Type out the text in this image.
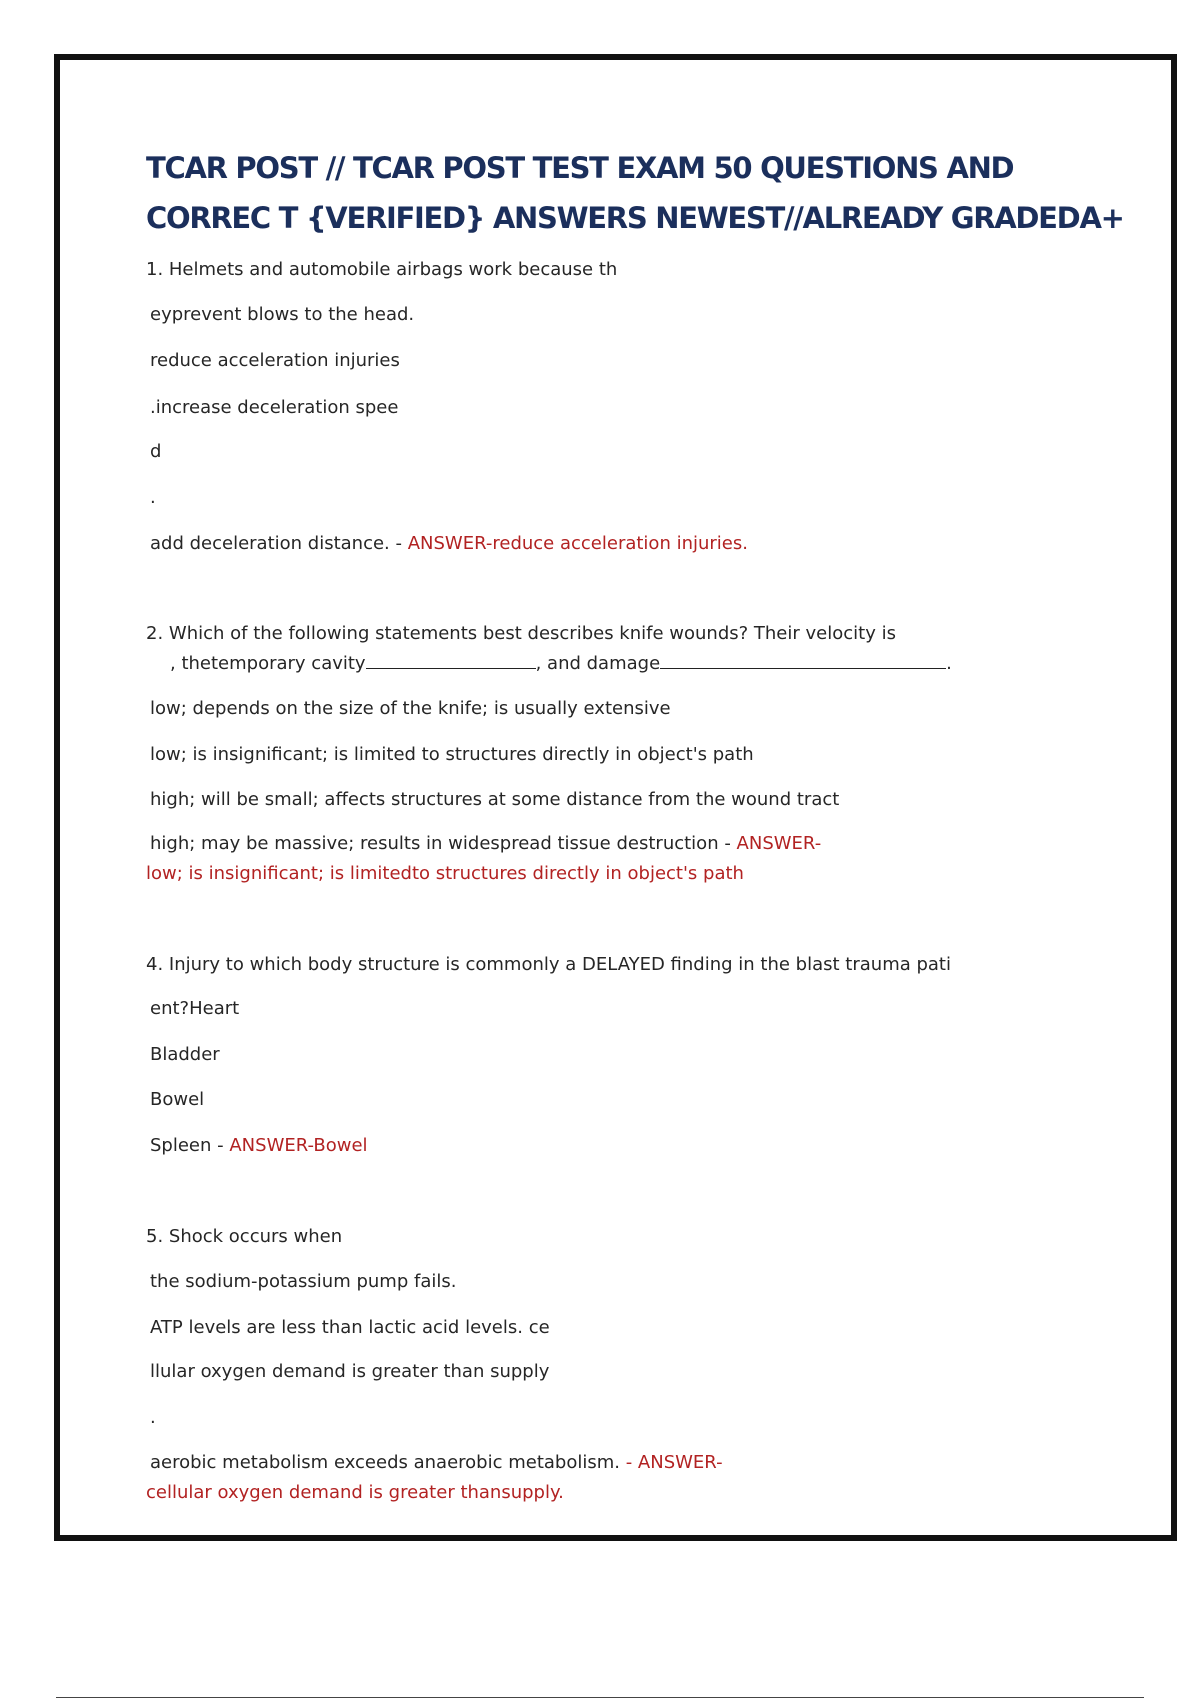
TCAR POST // TCAR POST TEST EXAM 50 QUESTIONS AND CORREC T {VERIFIED} ANSWERS NEWEST//ALREADY GRADEDA+

1. Helmets and automobile airbags work because th

eyprevent blows to the head.

reduce acceleration injuries

.increase deceleration spee

d

.

add deceleration distance. - ANSWER-reduce acceleration injuries.

2. Which of the following statements best describes knife wounds? Their velocity is

, thetemporary cavity	, and damage	.

low; depends on the size of the knife; is usually extensive

low; is insignificant; is limited to structures directly in object's path

high; will be small; affects structures at some distance from the wound tract

high; may be massive; results in widespread tissue destruction - ANSWER-

low; is insignificant; is limitedto structures directly in object's path

4. Injury to which body structure is commonly a DELAYED finding in the blast trauma pati

ent?Heart

Bladder

Bowel

Spleen - ANSWER-Bowel

5. Shock occurs when

the sodium-potassium pump fails.

ATP levels are less than lactic acid levels. ce

llular oxygen demand is greater than supply

.

aerobic metabolism exceeds anaerobic metabolism. - ANSWER-

cellular oxygen demand is greater thansupply.
